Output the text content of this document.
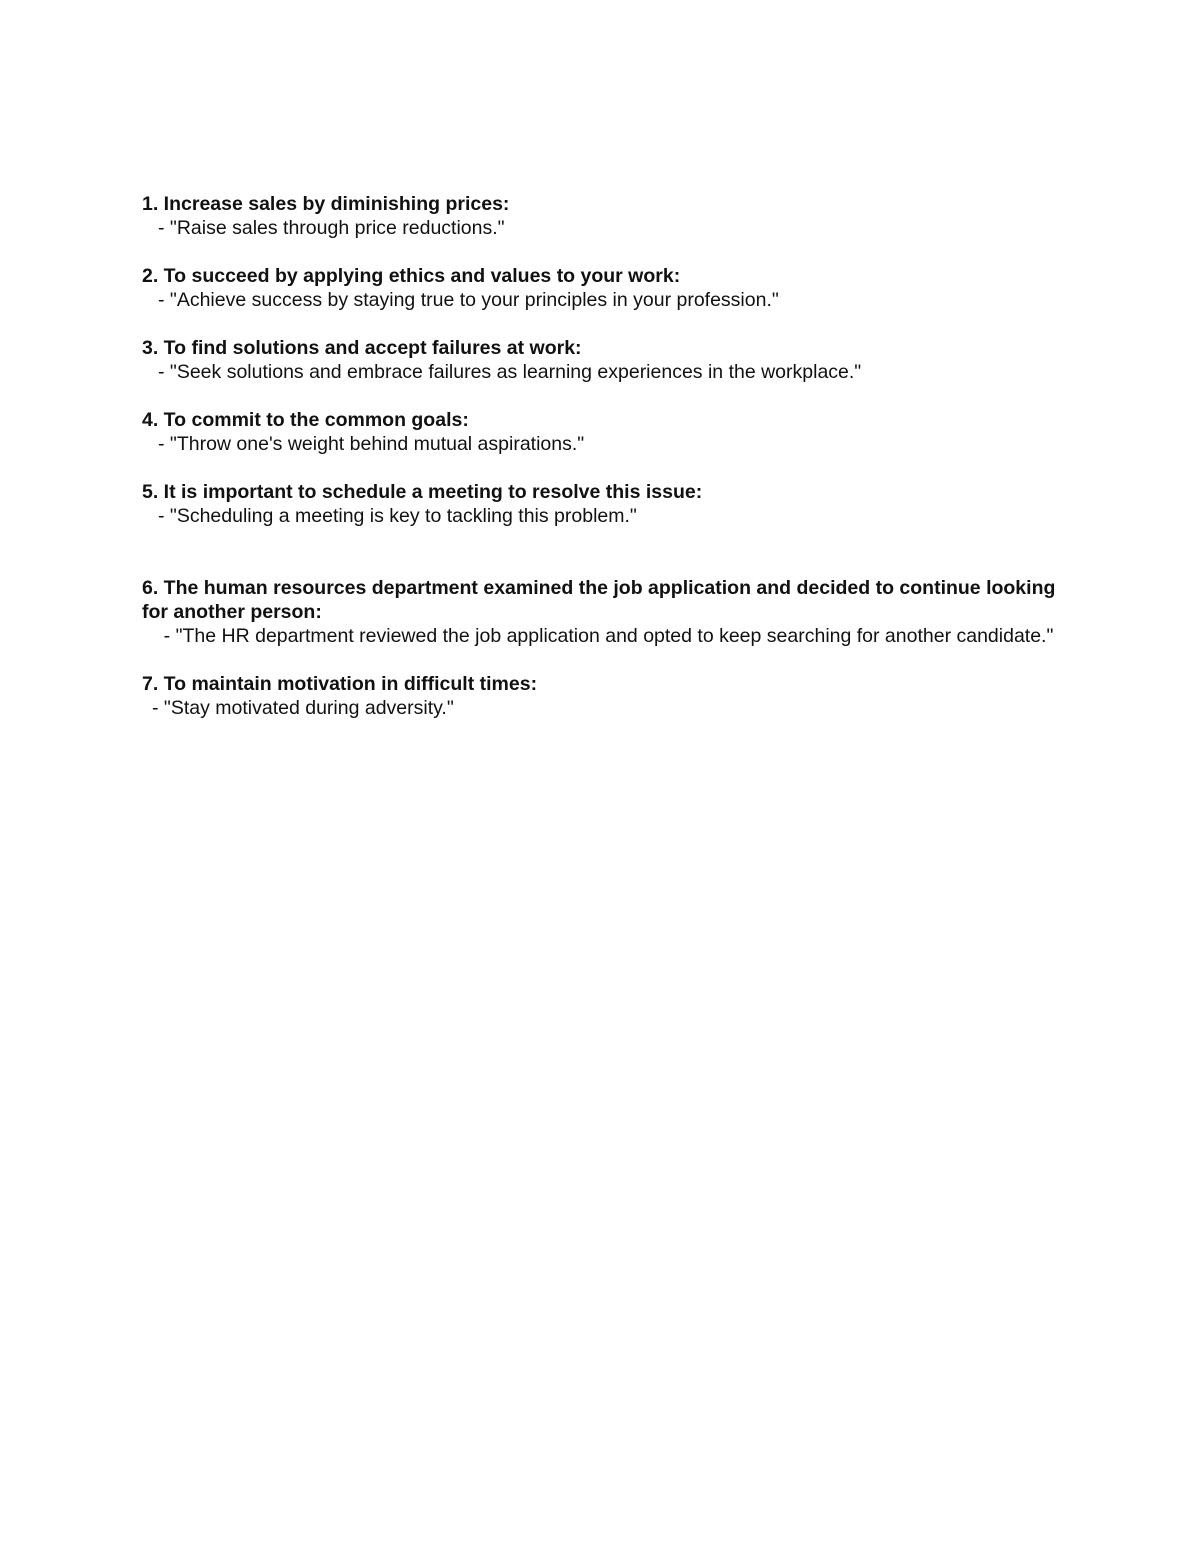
1. Increase sales by diminishing prices:
- "Raise sales through price reductions."
2. To succeed by applying ethics and values to your work:
- "Achieve success by staying true to your principles in your profession."
3. To find solutions and accept failures at work:
- "Seek solutions and embrace failures as learning experiences in the workplace."
4. To commit to the common goals:
- "Throw one's weight behind mutual aspirations."
5. It is important to schedule a meeting to resolve this issue:
- "Scheduling a meeting is key to tackling this problem."
6. The human resources department examined the job application and decided to continue looking for another person:
- "The HR department reviewed the job application and opted to keep searching for another candidate."
7. To maintain motivation in difficult times:
- "Stay motivated during adversity."
